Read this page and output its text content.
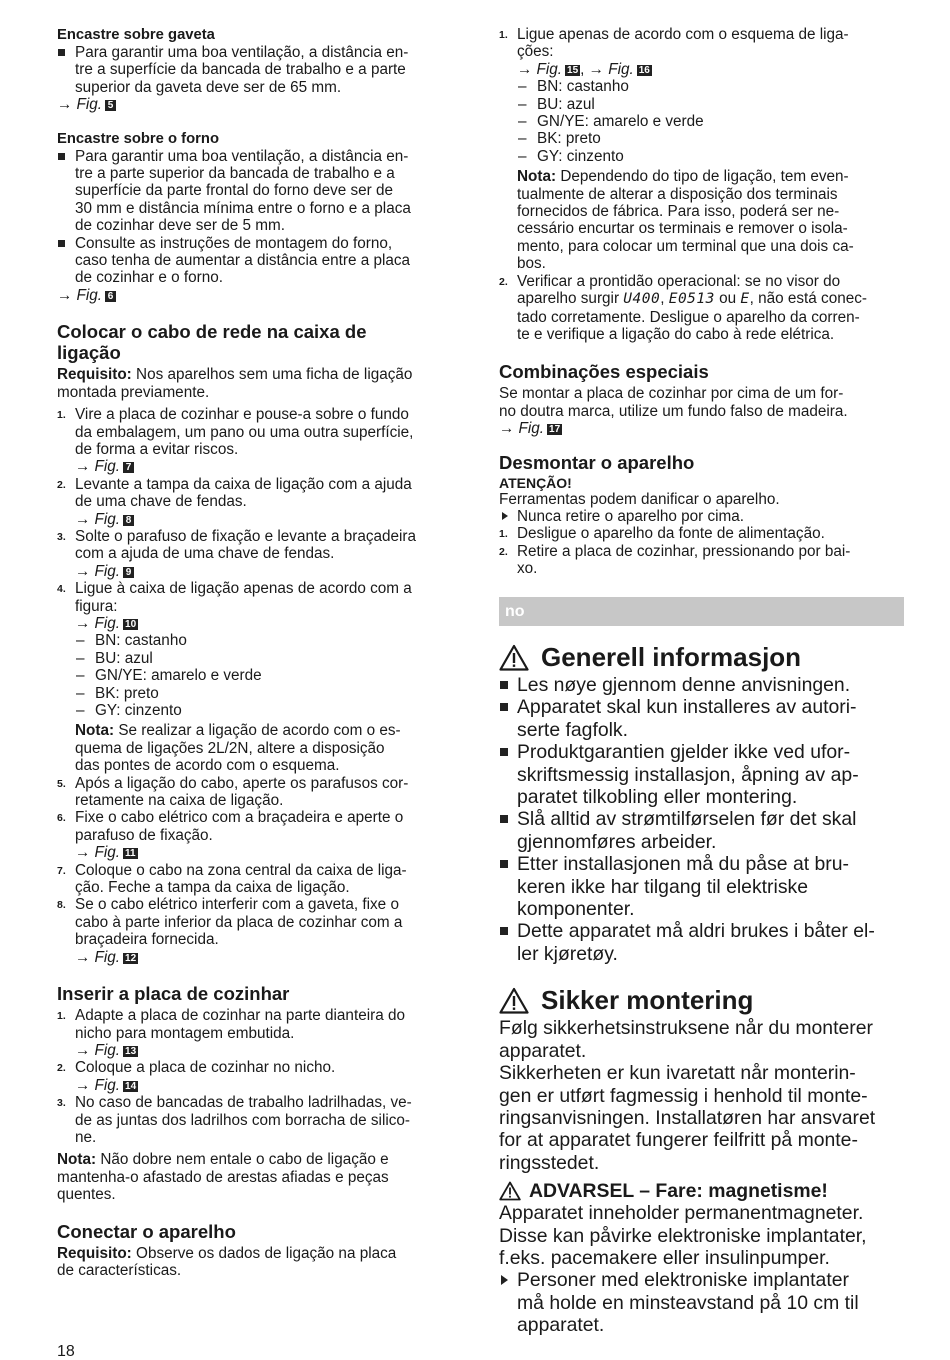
Encastre sobre gaveta
Para garantir uma boa ventilação, a distância en-
tre a superfície da bancada de trabalho e a parte
superior da gaveta deve ser de 65 mm.
→ Fig. 5
Encastre sobre o forno
Para garantir uma boa ventilação, a distância en-
tre a parte superior da bancada de trabalho e a
superfície da parte frontal do forno deve ser de
30 mm e distância mínima entre o forno e a placa
de cozinhar deve ser de 5 mm.
Consulte as instruções de montagem do forno,
caso tenha de aumentar a distância entre a placa
de cozinhar e o forno.
→ Fig. 6
Colocar o cabo de rede na caixa de
ligação
Requisito: Nos aparelhos sem uma ficha de ligação
montada previamente.
1. Vire a placa de cozinhar e pouse-a sobre o fundo
da embalagem, um pano ou uma outra superfície,
de forma a evitar riscos.
→ Fig. 7
2. Levante a tampa da caixa de ligação com a ajuda
de uma chave de fendas.
→ Fig. 8
3. Solte o parafuso de fixação e levante a braçadeira
com a ajuda de uma chave de fendas.
→ Fig. 9
4. Ligue à caixa de ligação apenas de acordo com a
figura:
→ Fig. 10
– BN: castanho
– BU: azul
– GN/YE: amarelo e verde
– BK: preto
– GY: cinzento
Nota: Se realizar a ligação de acordo com o es-
quema de ligações 2L/2N, altere a disposição
das pontes de acordo com o esquema.
5. Após a ligação do cabo, aperte os parafusos cor-
retamente na caixa de ligação.
6. Fixe o cabo elétrico com a braçadeira e aperte o
parafuso de fixação.
→ Fig. 11
7. Coloque o cabo na zona central da caixa de liga-
ção. Feche a tampa da caixa de ligação.
8. Se o cabo elétrico interferir com a gaveta, fixe o
cabo à parte inferior da placa de cozinhar com a
braçadeira fornecida.
→ Fig. 12
Inserir a placa de cozinhar
1. Adapte a placa de cozinhar na parte dianteira do
nicho para montagem embutida.
→ Fig. 13
2. Coloque a placa de cozinhar no nicho.
→ Fig. 14
3. No caso de bancadas de trabalho ladrilhadas, ve-
de as juntas dos ladrilhos com borracha de silico-
ne.
Nota: Não dobre nem entale o cabo de ligação e
mantenha-o afastado de arestas afiadas e peças
quentes.
Conectar o aparelho
Requisito: Observe os dados de ligação na placa
de características.
1. Ligue apenas de acordo com o esquema de liga-
ções:
→ Fig. 15 , → Fig. 16
– BN: castanho
– BU: azul
– GN/YE: amarelo e verde
– BK: preto
– GY: cinzento
Nota: Dependendo do tipo de ligação, tem even-
tualmente de alterar a disposição dos terminais
fornecidos de fábrica. Para isso, poderá ser ne-
cessário encurtar os terminais e remover o isola-
mento, para colocar um terminal que una dois ca-
bos.
2. Verificar a prontidão operacional: se no visor do
aparelho surgir U400, E0513 ou E, não está conec-
tado corretamente. Desligue o aparelho da corren-
te e verifique a ligação do cabo à rede elétrica.
Combinações especiais
Se montar a placa de cozinhar por cima de um for-
no doutra marca, utilize um fundo falso de madeira.
→ Fig. 17
Desmontar o aparelho
ATENÇÃO!
Ferramentas podem danificar o aparelho.
Nunca retire o aparelho por cima.
1. Desligue o aparelho da fonte de alimentação.
2. Retire a placa de cozinhar, pressionando por bai-
xo.
no
Generell informasjon
Les nøye gjennom denne anvisningen.
Apparatet skal kun installeres av autori-
serte fagfolk.
Produktgarantien gjelder ikke ved ufor-
skriftsmessig installasjon, åpning av ap-
paratet tilkobling eller montering.
Slå alltid av strømtilførselen før det skal
gjennomføres arbeider.
Etter installasjonen må du påse at bru-
keren ikke har tilgang til elektriske
komponenter.
Dette apparatet må aldri brukes i båter el-
ler kjøretøy.
Sikker montering
Følg sikkerhetsinstruksene når du monterer
apparatet.
Sikkerheten er kun ivaretatt når monterin-
gen er utført fagmessig i henhold til monte-
ringsanvisningen. Installatøren har ansvaret
for at apparatet fungerer feilfritt på monte-
ringsstedet.
ADVARSEL – Fare: magnetisme!
Apparatet inneholder permanentmagneter.
Disse kan påvirke elektroniske implantater,
f.eks. pacemakere eller insulinpumper.
Personer med elektroniske implantater
må holde en minsteavstand på 10 cm til
apparatet.
18
